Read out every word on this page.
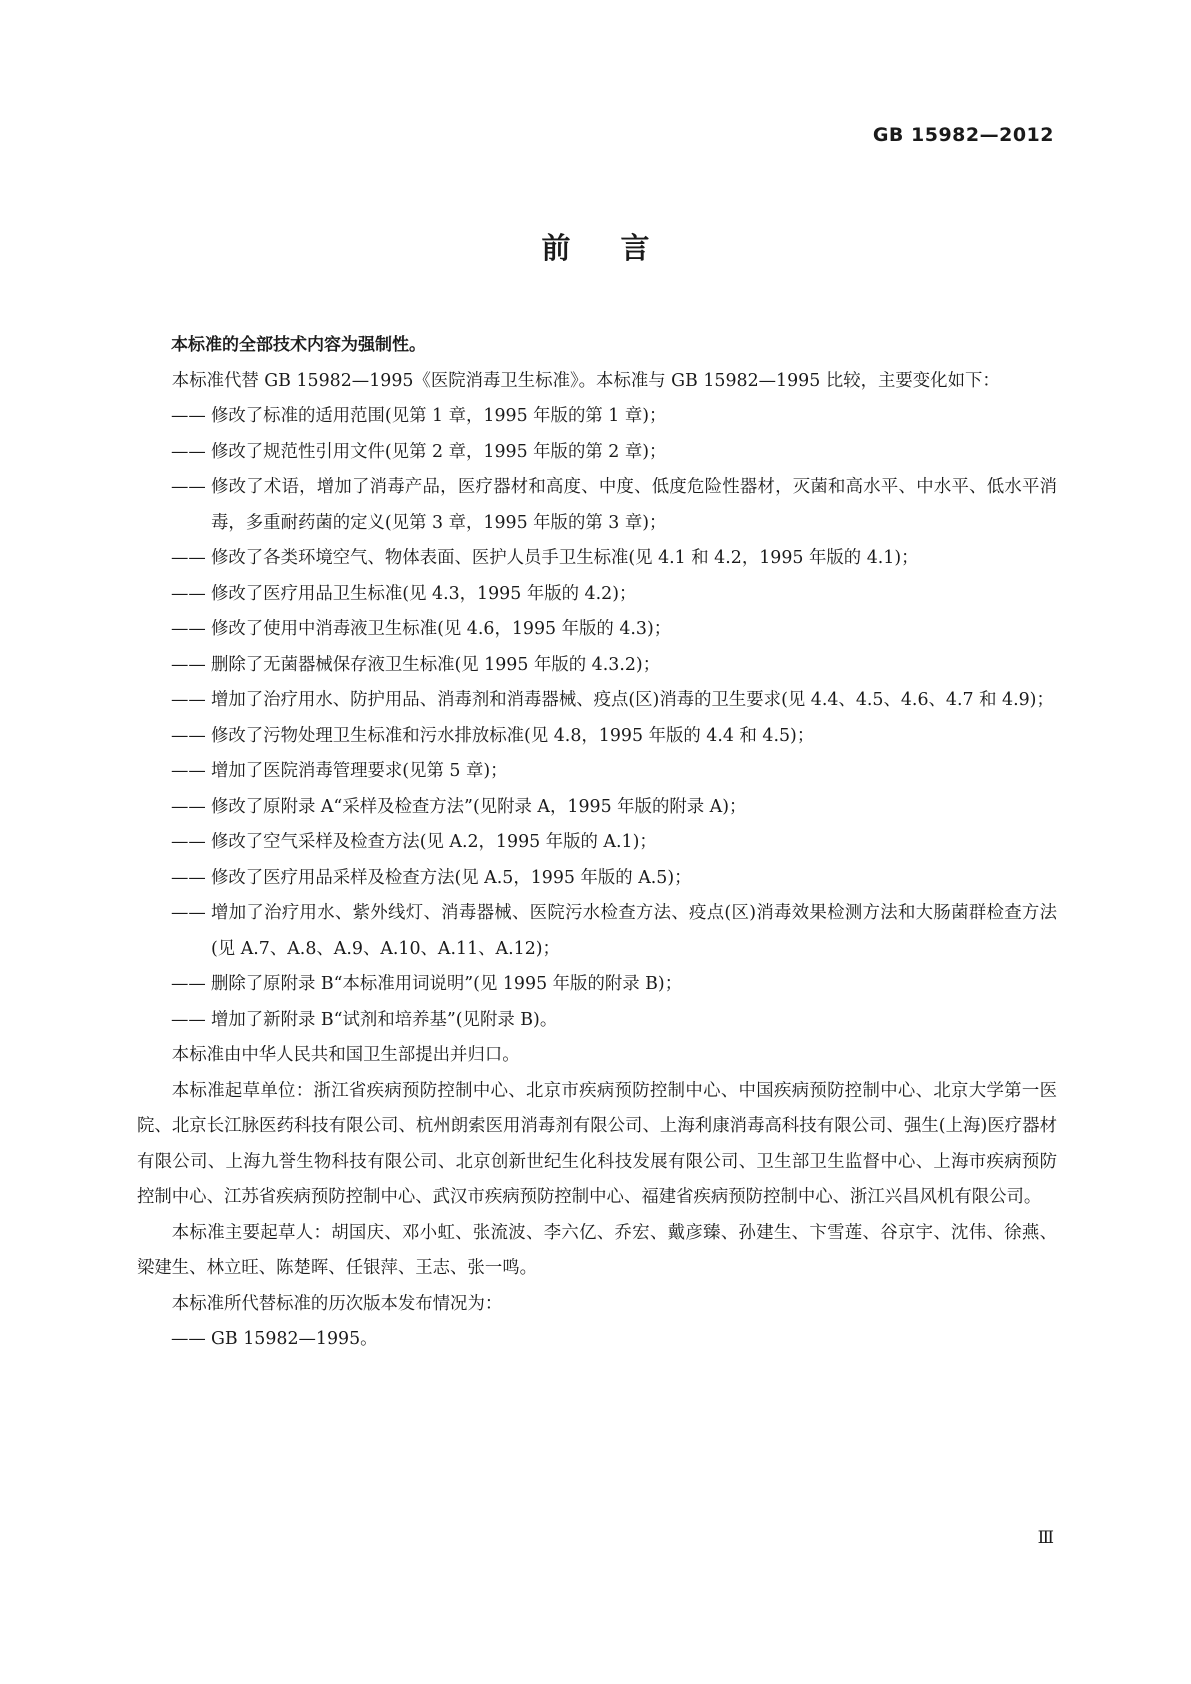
GB 15982—2012
前言

本标准的全部技术内容为强制性。

本标准代替 GB 15982—1995《医院消毒卫生标准》。本标准与 GB 15982—1995 比较，主要变化如下：

—— 修改了标准的适用范围(见第 1 章，1995 年版的第 1 章)；
—— 修改了规范性引用文件(见第 2 章，1995 年版的第 2 章)；
—— 修改了术语，增加了消毒产品，医疗器材和高度、中度、低度危险性器材，灭菌和高水平、中水平、低水平消毒，多重耐药菌的定义(见第 3 章，1995 年版的第 3 章)；
—— 修改了各类环境空气、物体表面、医护人员手卫生标准(见 4.1 和 4.2，1995 年版的 4.1)；
—— 修改了医疗用品卫生标准(见 4.3，1995 年版的 4.2)；
—— 修改了使用中消毒液卫生标准(见 4.6，1995 年版的 4.3)；
—— 删除了无菌器械保存液卫生标准(见 1995 年版的 4.3.2)；
—— 增加了治疗用水、防护用品、消毒剂和消毒器械、疫点(区)消毒的卫生要求(见 4.4、4.5、4.6、4.7 和 4.9)；
—— 修改了污物处理卫生标准和污水排放标准(见 4.8，1995 年版的 4.4 和 4.5)；
—— 增加了医院消毒管理要求(见第 5 章)；
—— 修改了原附录 A“采样及检查方法”(见附录 A，1995 年版的附录 A)；
—— 修改了空气采样及检查方法(见 A.2，1995 年版的 A.1)；
—— 修改了医疗用品采样及检查方法(见 A.5，1995 年版的 A.5)；
—— 增加了治疗用水、紫外线灯、消毒器械、医院污水检查方法、疫点(区)消毒效果检测方法和大肠菌群检查方法(见 A.7、A.8、A.9、A.10、A.11、A.12)；
—— 删除了原附录 B“本标准用词说明”(见 1995 年版的附录 B)；
—— 增加了新附录 B“试剂和培养基”(见附录 B)。

本标准由中华人民共和国卫生部提出并归口。

本标准起草单位：浙江省疾病预防控制中心、北京市疾病预防控制中心、中国疾病预防控制中心、北京大学第一医院、北京长江脉医药科技有限公司、杭州朗索医用消毒剂有限公司、上海利康消毒高科技有限公司、强生(上海)医疗器材有限公司、上海九誉生物科技有限公司、北京创新世纪生化科技发展有限公司、卫生部卫生监督中心、上海市疾病预防控制中心、江苏省疾病预防控制中心、武汉市疾病预防控制中心、福建省疾病预防控制中心、浙江兴昌风机有限公司。

本标准主要起草人：胡国庆、邓小虹、张流波、李六亿、乔宏、戴彦臻、孙建生、卞雪莲、谷京宇、沈伟、徐燕、梁建生、林立旺、陈楚晖、任银萍、王志、张一鸣。

本标准所代替标准的历次版本发布情况为：

—— GB 15982—1995。
Ⅲ
